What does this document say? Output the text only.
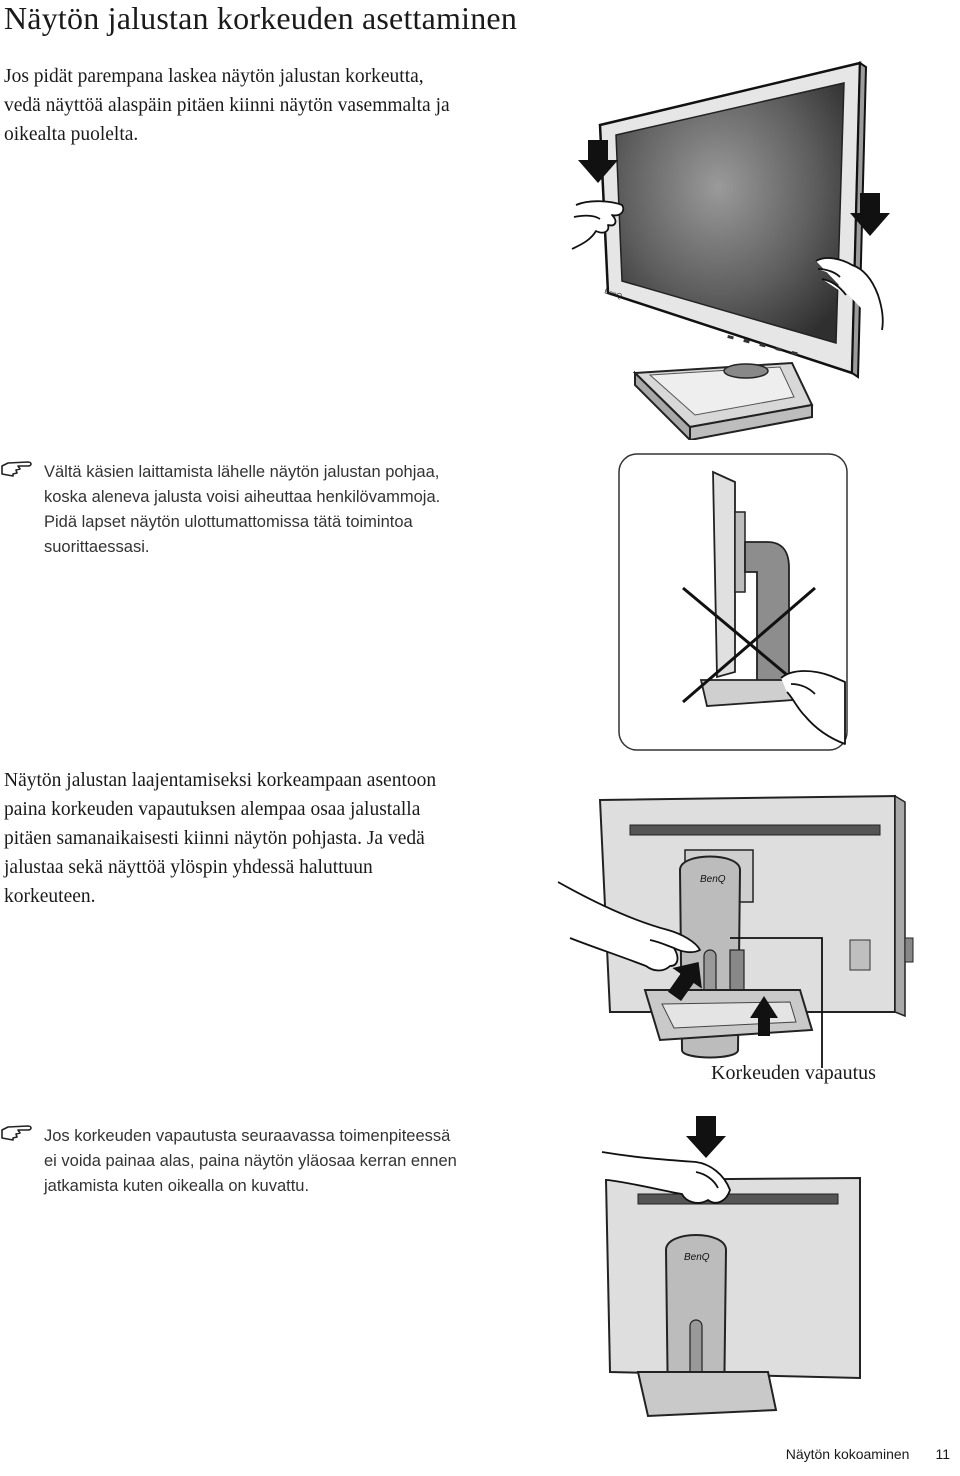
Näytön jalustan korkeuden asettaminen

Jos pidät parempana laskea näytön jalustan korkeutta,
vedä näyttöä alaspäin pitäen kiinni näytön vasemmalta ja
oikealta puolelta.

BenQ

Vältä käsien laittamista lähelle näytön jalustan pohjaa,
koska aleneva jalusta voisi aiheuttaa henkilövammoja.
Pidä lapset näytön ulottumattomissa tätä toimintoa
suorittaessasi.

Näytön jalustan laajentamiseksi korkeampaan asentoon
paina korkeuden vapautuksen alempaa osaa jalustalla
pitäen samanaikaisesti kiinni näytön pohjasta. Ja vedä
jalustaa sekä näyttöä ylöspin yhdessä haluttuun
korkeuteen.

BenQ
Korkeuden vapautus

Jos korkeuden vapautusta seuraavassa toimenpiteessä
ei voida painaa alas, paina näytön yläosaa kerran ennen
jatkamista kuten oikealla on kuvattu.

BenQ
Näytön kokoaminen 11
